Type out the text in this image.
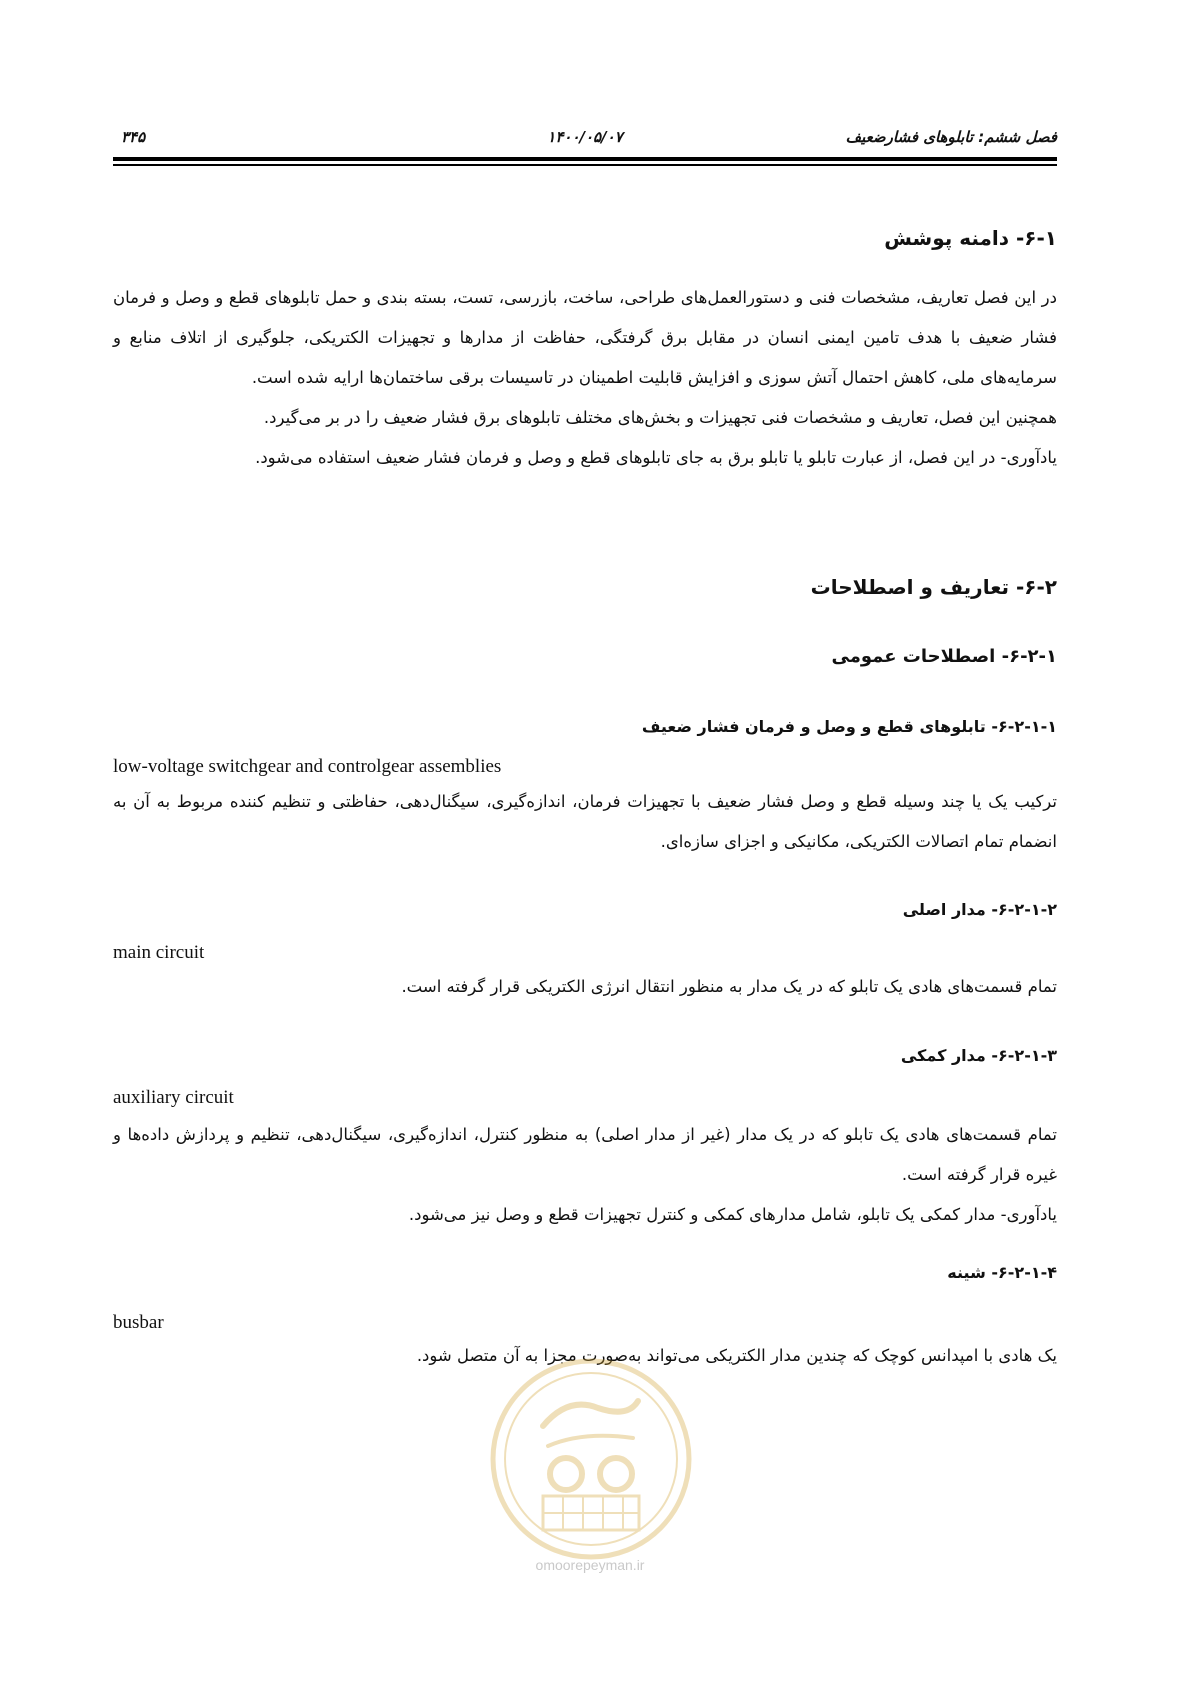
فصل ششم: تابلوهای فشارضعیف
۱۴۰۰/۰۵/۰۷
۳۴۵
۶-۱- دامنه پوشش

در این فصل تعاریف، مشخصات فنی و دستورالعمل‌های طراحی، ساخت، بازرسی، تست، بسته بندی و حمل تابلوهای قطع و وصل و فرمان فشار ضعیف با هدف تامین ایمنی انسان در مقابل برق گرفتگی، حفاظت از مدارها و تجهیزات الکتریکی، جلوگیری از اتلاف منابع و سرمایه‌های ملی، کاهش احتمال آتش سوزی و افزایش قابلیت اطمینان در تاسیسات برقی ساختمان‌ها ارایه شده است.

همچنین این فصل، تعاریف و مشخصات فنی تجهیزات و بخش‌های مختلف تابلوهای برق فشار ضعیف را در بر می‌گیرد.

یادآوری- در این فصل، از عبارت تابلو یا تابلو برق به جای تابلوهای قطع و وصل و فرمان فشار ضعیف استفاده می‌شود.

۶-۲- تعاریف و اصطلاحات
۶-۲-۱- اصطلاحات عمومی
۶-۲-۱-۱- تابلوهای قطع و وصل و فرمان فشار ضعیف
low-voltage switchgear and controlgear assemblies
ترکیب یک یا چند وسیله قطع و وصل فشار ضعیف با تجهیزات فرمان، اندازه‌گیری، سیگنال‌دهی، حفاظتی و تنظیم کننده مربوط به آن به انضمام تمام اتصالات الکتریکی، مکانیکی و اجزای سازه‌ای.
۶-۲-۱-۲- مدار اصلی
main circuit
تمام قسمت‌های هادی یک تابلو که در یک مدار به منظور انتقال انرژی الکتریکی قرار گرفته است.
۶-۲-۱-۳- مدار کمکی
auxiliary circuit

تمام قسمت‌های هادی یک تابلو که در یک مدار (غیر از مدار اصلی) به منظور کنترل، اندازه‌گیری، سیگنال‌دهی، تنظیم و پردازش داده‌ها و غیره قرار گرفته است.

یادآوری- مدار کمکی یک تابلو، شامل مدارهای کمکی و کنترل تجهیزات قطع و وصل نیز می‌شود.

۶-۲-۱-۴- شینه
busbar
یک هادی با امپدانس کوچک که چندین مدار الکتریکی می‌تواند به‌صورت مجزا به آن متصل شود.
omoorepeyman.ir
